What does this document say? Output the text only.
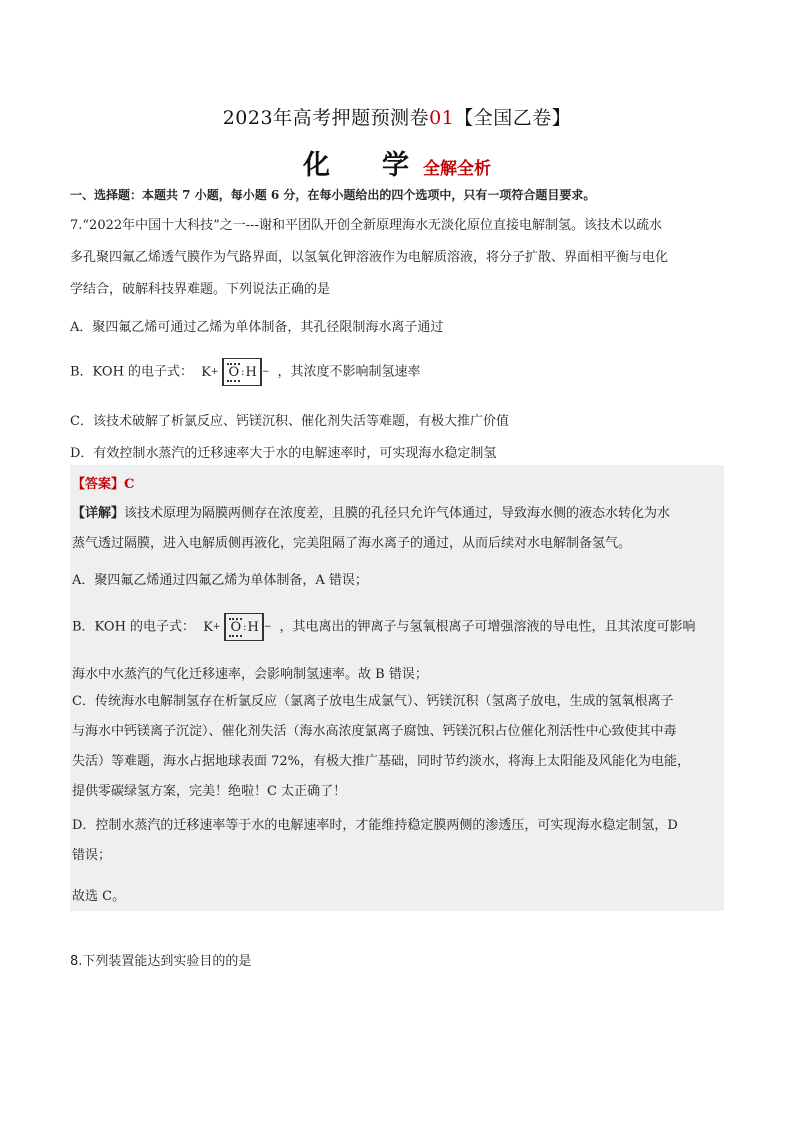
2023年高考押题预测卷01【全国乙卷】
化 学 全解全析
一、选择题：本题共 7 小题，每小题 6 分，在每小题给出的四个选项中，只有一项符合题目要求。
7.“2022年中国十大科技”之一---谢和平团队开创全新原理海水无淡化原位直接电解制氢。该技术以疏水
多孔聚四氟乙烯透气膜作为气路界面，以氢氧化钾溶液作为电解质溶液，将分子扩散、界面相平衡与电化
学结合，破解科技界难题。下列说法正确的是
A．聚四氟乙烯可通过乙烯为单体制备，其孔径限制海水离子通过
B．KOH 的电子式： K + O : H − ，其浓度不影响制氢速率
C．该技术破解了析氯反应、钙镁沉积、催化剂失活等难题，有极大推广价值
D．有效控制水蒸汽的迁移速率大于水的电解速率时，可实现海水稳定制氢
【答案】C
【详解】该技术原理为隔膜两侧存在浓度差，且膜的孔径只允许气体通过，导致海水侧的液态水转化为水
蒸气透过隔膜，进入电解质侧再液化，完美阻隔了海水离子的通过，从而后续对水电解制备氢气。
A．聚四氟乙烯通过四氟乙烯为单体制备，A 错误；
B．KOH 的电子式： K + O : H − ，其电离出的钾离子与氢氧根离子可增强溶液的导电性，且其浓度可影响
海水中水蒸汽的气化迁移速率，会影响制氢速率。故 B 错误；
C．传统海水电解制氢存在析氯反应（氯离子放电生成氯气）、钙镁沉积（氢离子放电，生成的氢氧根离子
与海水中钙镁离子沉淀）、催化剂失活（海水高浓度氯离子腐蚀、钙镁沉积占位催化剂活性中心致使其中毒
失活）等难题，海水占据地球表面 72%，有极大推广基础，同时节约淡水，将海上太阳能及风能化为电能，
提供零碳绿氢方案，完美！绝啦！C 太正确了！
D．控制水蒸汽的迁移速率等于水的电解速率时，才能维持稳定膜两侧的渗透压，可实现海水稳定制氢，D
错误；
故选 C。
8.下列装置能达到实验目的的是
